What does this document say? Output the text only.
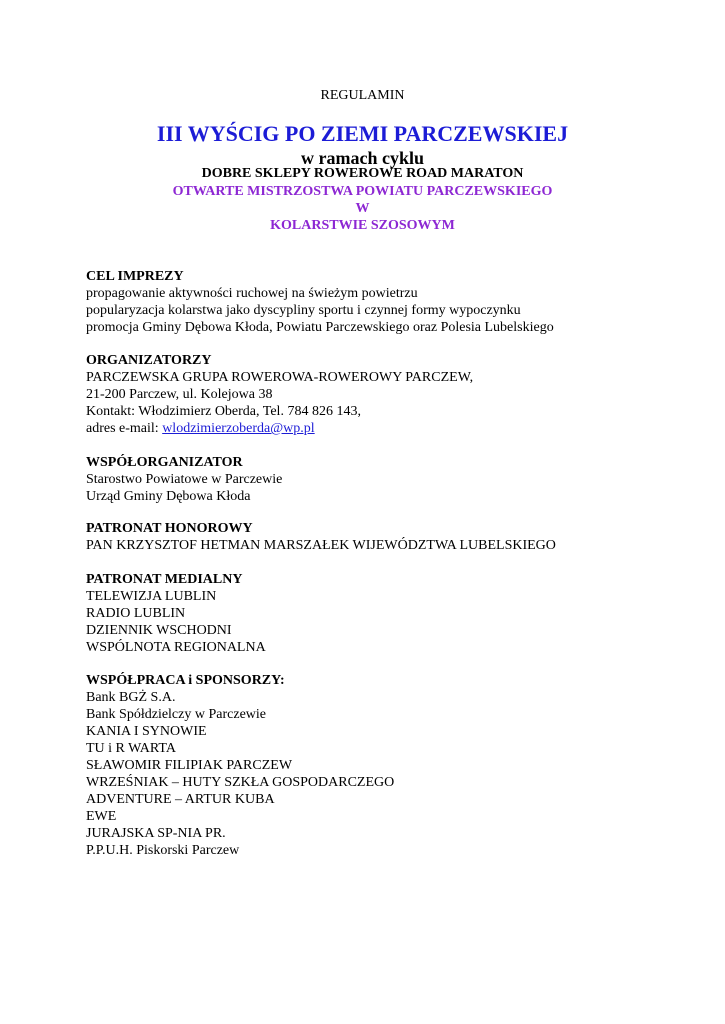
REGULAMIN
III WYŚCIG PO ZIEMI PARCZEWSKIEJ
w ramach cyklu
DOBRE SKLEPY ROWEROWE ROAD MARATON
OTWARTE MISTRZOSTWA POWIATU PARCZEWSKIEGO
W
KOLARSTWIE SZOSOWYM
CEL IMPREZY
propagowanie aktywności ruchowej na świeżym powietrzu
popularyzacja kolarstwa jako dyscypliny sportu i czynnej formy wypoczynku
promocja Gminy Dębowa Kłoda, Powiatu Parczewskiego oraz Polesia Lubelskiego
ORGANIZATORZY
PARCZEWSKA GRUPA ROWEROWA-ROWEROWY PARCZEW,
21-200 Parczew, ul. Kolejowa 38
Kontakt: Włodzimierz Oberda, Tel. 784 826 143,
adres e-mail: wlodzimierzoberda@wp.pl
WSPÓŁORGANIZATOR
Starostwo Powiatowe w Parczewie
Urząd Gminy Dębowa Kłoda
PATRONAT HONOROWY
PAN KRZYSZTOF HETMAN MARSZAŁEK WIJEWÓDZTWA LUBELSKIEGO
PATRONAT MEDIALNY
TELEWIZJA LUBLIN
RADIO LUBLIN
DZIENNIK WSCHODNI
WSPÓLNOTA REGIONALNA
WSPÓŁPRACA i SPONSORZY:
Bank BGŻ S.A.
Bank Spółdzielczy w Parczewie
KANIA I SYNOWIE
TU i R WARTA
SŁAWOMIR FILIPIAK PARCZEW
WRZEŚNIAK – HUTY SZKŁA GOSPODARCZEGO
ADVENTURE – ARTUR KUBA
EWE
JURAJSKA SP-NIA PR.
P.P.U.H. Piskorski Parczew
